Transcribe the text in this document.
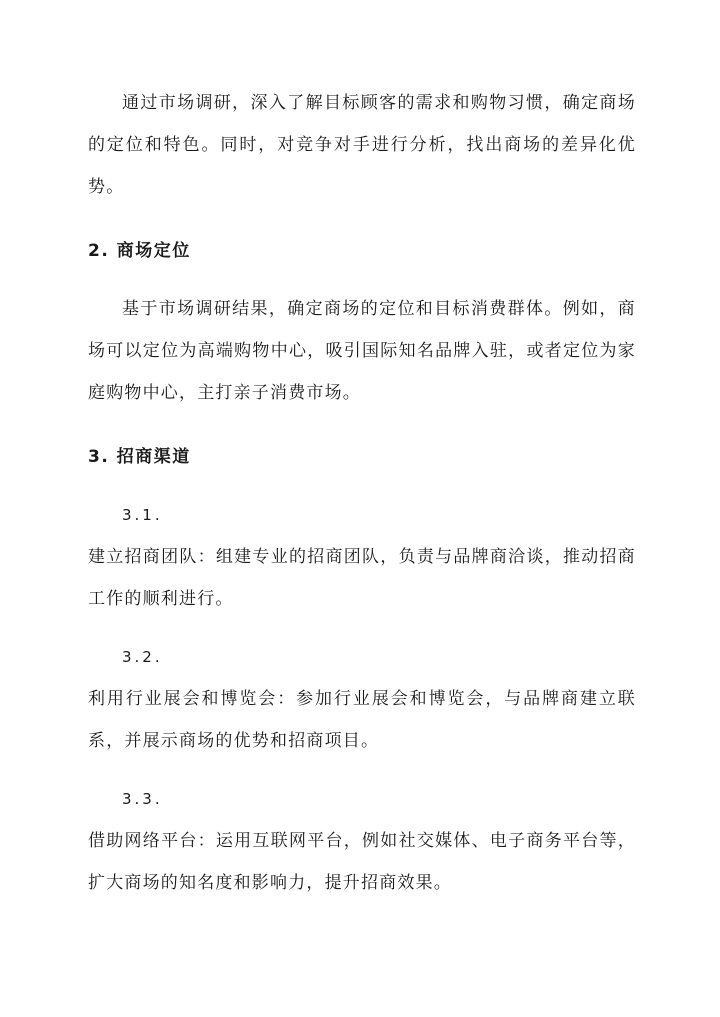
通过市场调研，深入了解目标顾客的需求和购物习惯，确定商场的定位和特色。同时，对竞争对手进行分析，找出商场的差异化优势。

2. 商场定位

基于市场调研结果，确定商场的定位和目标消费群体。例如，商场可以定位为高端购物中心，吸引国际知名品牌入驻，或者定位为家庭购物中心，主打亲子消费市场。

3. 招商渠道

3.1.

建立招商团队：组建专业的招商团队，负责与品牌商洽谈，推动招商工作的顺利进行。

3.2.

利用行业展会和博览会：参加行业展会和博览会，与品牌商建立联系，并展示商场的优势和招商项目。

3.3.

借助网络平台：运用互联网平台，例如社交媒体、电子商务平台等，扩大商场的知名度和影响力，提升招商效果。
